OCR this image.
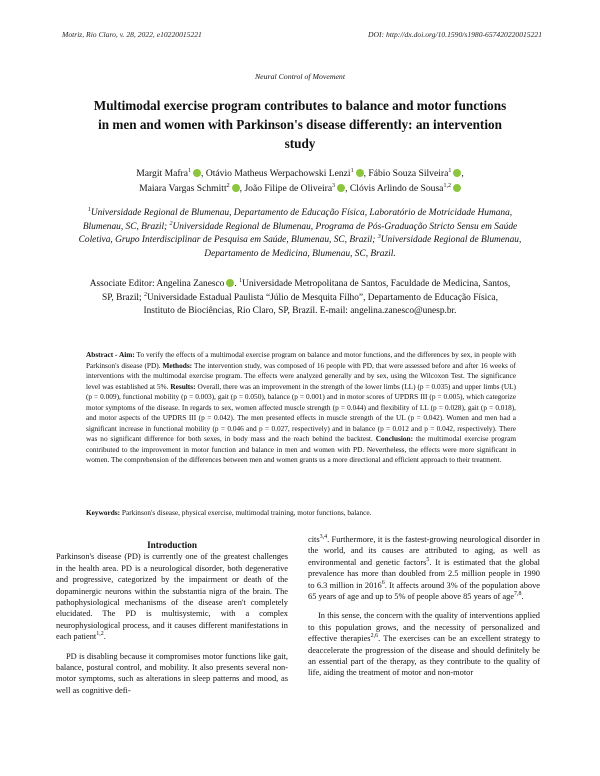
Motriz, Rio Claro, v. 28, 2022, e10220015221	DOI: http://dx.doi.org/10.1590/s1980-657420220015221
Neural Control of Movement
Multimodal exercise program contributes to balance and motor functions in men and women with Parkinson's disease differently: an intervention study
Margit Mafra$^1$ , Otávio Matheus Werpachowski Lenzi$^1$ , Fábio Souza Silveira$^1$ ,
Maiara Vargas Schmitt$^2$ , João Filipe de Oliveira$^3$ , Clóvis Arlindo de Sousa$^{1,2}$
$^1$Universidade Regional de Blumenau, Departamento de Educação Física, Laboratório de Motricidade Humana, Blumenau, SC, Brazil; $^2$Universidade Regional de Blumenau, Programa de Pós-Graduação Stricto Sensu em Saúde Coletiva, Grupo Interdisciplinar de Pesquisa em Saúde, Blumenau, SC, Brazil; $^3$Universidade Regional de Blumenau, Departamento de Medicina, Blumenau, SC, Brazil.
Associate Editor: Angelina Zanesco . $^1$Universidade Metropolitana de Santos, Faculdade de Medicina, Santos, SP, Brazil; $^2$Universidade Estadual Paulista “Júlio de Mesquita Filho”, Departamento de Educação Física, Instituto de Biociências, Rio Claro, SP, Brazil. E-mail: angelina.zanesco@unesp.br.

Abstract - Aim: To verify the effects of a multimodal exercise program on balance and motor functions, and the differences by sex, in people with Parkinson's disease (PD). Methods: The intervention study, was composed of 16 people with PD, that were assessed before and after 16 weeks of interventions with the multimodal exercise program. The effects were analyzed generally and by sex, using the Wilcoxon Test. The significance level was established at 5%. Results: Overall, there was an improvement in the strength of the lower limbs (LL) (p = 0.035) and upper limbs (UL) (p = 0.009), functional mobility (p = 0.003), gait (p = 0.050), balance (p = 0.001) and in motor scores of UPDRS III (p = 0.005), which categorize motor symptoms of the disease. In regards to sex, women affected muscle strength (p = 0.044) and flexibility of LL (p = 0.028), gait (p = 0.018), and motor aspects of the UPDRS III (p = 0.042). The men presented effects in muscle strength of the UL (p = 0.042). Women and men had a significant increase in functional mobility (p = 0.046 and p = 0.027, respectively) and in balance (p = 0.012 and p = 0.042, respectively). There was no significant difference for both sexes, in body mass and the reach behind the backtest. Conclusion: the multimodal exercise program contributed to the improvement in motor function and balance in men and women with PD. Nevertheless, the effects were more significant in women. The comprehension of the differences between men and women grants us a more directional and efficient approach to their treatment.

Keywords: Parkinson's disease, physical exercise, multimodal training, motor functions, balance.

Introduction

Parkinson's disease (PD) is currently one of the greatest challenges in the health area. PD is a neurological disorder, both degenerative and progressive, categorized by the impairment or death of the dopaminergic neurons within the substantia nigra of the brain. The pathophysiological mechanisms of the disease aren't completely elucidated. The PD is multisystemic, with a complex neurophysiological process, and it causes different manifestations in each patient$^{1,2}$.

PD is disabling because it compromises motor functions like gait, balance, postural control, and mobility. It also presents several non-motor symptoms, such as alterations in sleep patterns and mood, as well as cognitive defi-

cits$^{3,4}$. Furthermore, it is the fastest-growing neurological disorder in the world, and its causes are attributed to aging, as well as environmental and genetic factors$^5$. It is estimated that the global prevalence has more than doubled from 2.5 million people in 1990 to 6.3 million in 2016$^6$. It affects around 3% of the population above 65 years of age and up to 5% of people above 85 years of age$^{7,8}$.

In this sense, the concern with the quality of interventions applied to this population grows, and the necessity of personalized and effective therapies$^{2,6}$. The exercises can be an excellent strategy to deaccelerate the progression of the disease and should definitely be an essential part of the therapy, as they contribute to the quality of life, aiding the treatment of motor and non-motor
